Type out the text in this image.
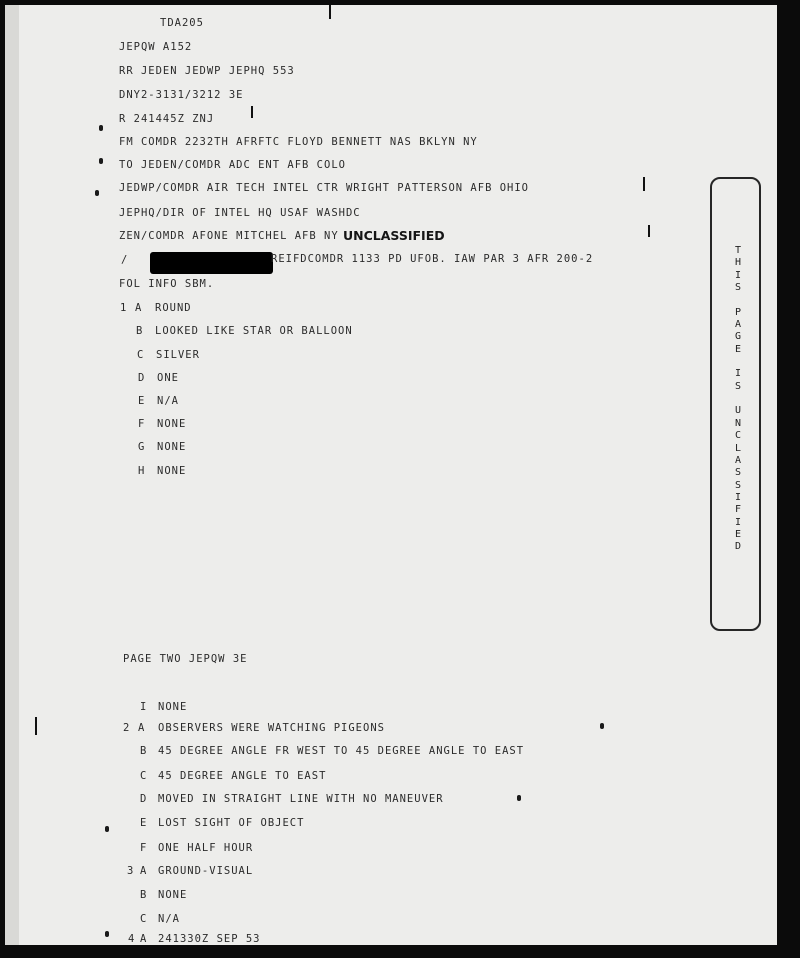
TDA205
JEPQW A152
RR JEDEN JEDWP JEPHQ 553
DNY2-3131/3212 3E
R 241445Z ZNJ
FM COMDR 2232TH AFRFTC FLOYD BENNETT NAS BKLYN NY
TO JEDEN/COMDR ADC ENT AFB COLO
JEDWP/COMDR AIR TECH INTEL CTR WRIGHT PATTERSON AFB OHIO
JEPHQ/DIR OF INTEL HQ USAF WASHDC
ZEN/COMDR AFONE MITCHEL AFB NY UNCLASSIFIED
/	REIFDCOMDR 1133 PD UFOB. IAW PAR 3 AFR 200-2
FOL INFO SBM.
1 A ROUND
B LOOKED LIKE STAR OR BALLOON
C SILVER
D ONE
E N/A
F NONE
G NONE
H NONE
PAGE TWO JEPQW 3E
I NONE
2 A OBSERVERS WERE WATCHING PIGEONS
B 45 DEGREE ANGLE FR WEST TO 45 DEGREE ANGLE TO EAST
C 45 DEGREE ANGLE TO EAST
D MOVED IN STRAIGHT LINE WITH NO MANEUVER
E LOST SIGHT OF OBJECT
F ONE HALF HOUR
3 A GROUND-VISUAL
B NONE
C N/A
4 A 241330Z SEP 53
T
H
I
S

P
A
G
E

I
S

U
N
C
L
A
S
S
I
F
I
E
D
